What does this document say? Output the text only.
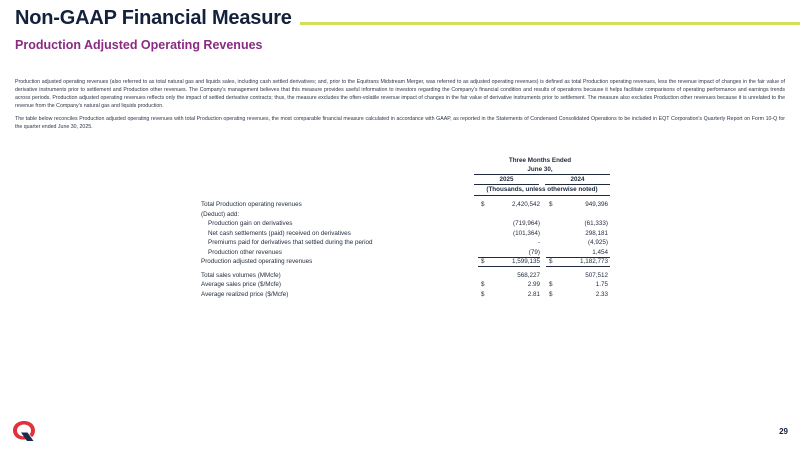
Non-GAAP Financial Measure
Production Adjusted Operating Revenues

Production adjusted operating revenues (also referred to as total natural gas and liquids sales, including cash settled derivatives; and, prior to the Equitrans Midstream Merger, was referred to as adjusted operating revenues) is defined as total Production operating revenues, less the revenue impact of changes in the fair value of derivative instruments prior to settlement and Production other revenues. The Company's management believes that this measure provides useful information to investors regarding the Company's financial condition and results of operations because it helps facilitate comparisons of operating performance and earnings trends across periods. Production adjusted operating revenues reflects only the impact of settled derivative contracts; thus, the measure excludes the often-volatile revenue impact of changes in the fair value of derivative instruments prior to settlement. The measure also excludes Production other revenues because it is unrelated to the revenue from the Company's natural gas and liquids production.

The table below reconciles Production adjusted operating revenues with total Production operating revenues, the most comparable financial measure calculated in accordance with GAAP, as reported in the Statements of Condensed Consolidated Operations to be included in EQT Corporation's Quarterly Report on Form 10-Q for the quarter ended June 30, 2025.

Three Months Ended
June 30,
2025	2024
(Thousands, unless otherwise noted)
Total Production operating revenues	$	2,420,542 $	949,396
(Deduct) add:
Production gain on derivatives	(719,964)	(61,333)
Net cash settlements (paid) received on derivatives	(101,364)	298,181
Premiums paid for derivatives that settled during the period	-	(4,925)
Production other revenues	(79)	1,454
Production adjusted operating revenues	$	1,599,135 $	1,182,773
Total sales volumes (MMcfe)	568,227	507,512
Average sales price ($/Mcfe)	$	2.99 $	1.75
Average realized price ($/Mcfe)	$	2.81 $	2.33
29
